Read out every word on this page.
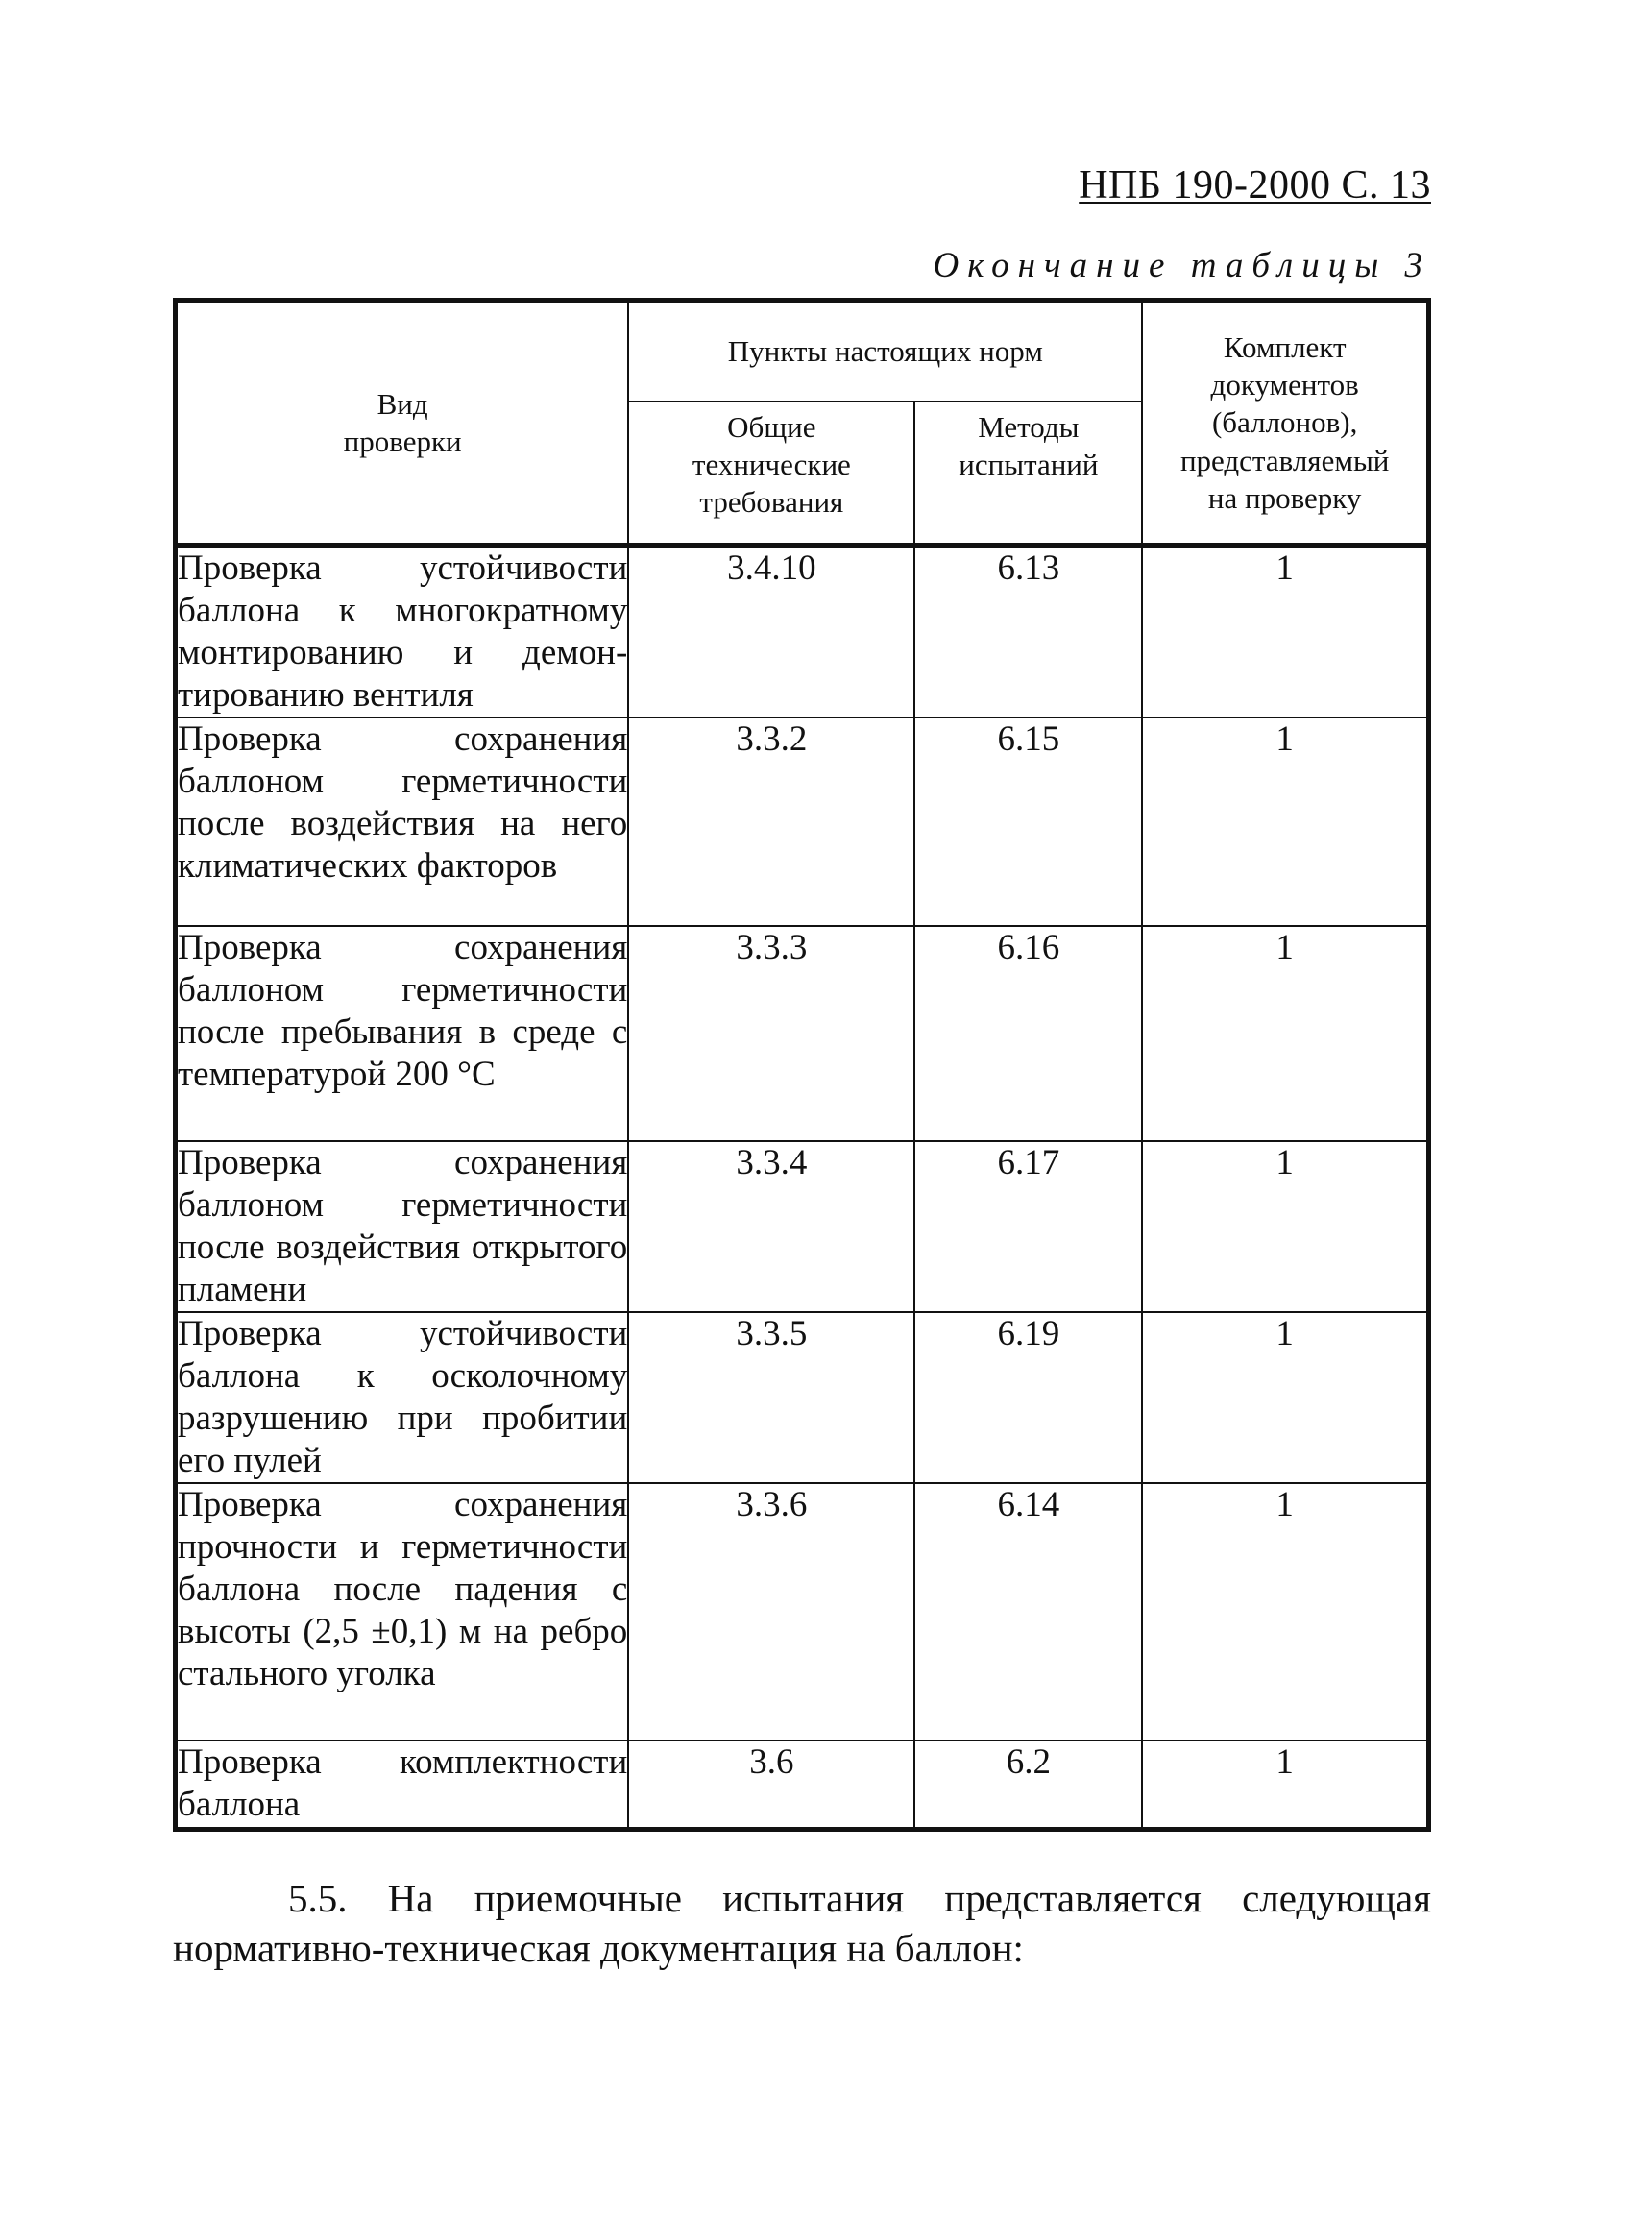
НПБ 190-2000 С. 13
Окончание таблицы 3
Вид проверки	Пункты настоящих норм		Комплект документов (баллонов), представляемый на проверку

	Общие технические требования	Методы испытаний	

Проверка устойчивости баллона к многократному монтированию и демонтированию вентиля	3.4.10	6.13	1
Проверка сохранения баллоном герметичности после воздействия на него климатических факторов	3.3.2	6.15	1
Проверка сохранения баллоном герметичности после пребывания в среде с температурой 200 °С	3.3.3	6.16	1
Проверка сохранения баллоном герметичности после воздействия открытого пламени	3.3.4	6.17	1
Проверка устойчивости баллона к осколочному разрушению при пробитии его пулей	3.3.5	6.19	1
Проверка сохранения прочности и герметичности баллона после падения с высоты (2,5 ±0,1) м на ребро стального уголка	3.3.6	6.14	1
Проверка комплектности баллона	3.6	6.2	1

5.5. На приемочные испытания представляется следующая нормативно-техническая документация на баллон:
